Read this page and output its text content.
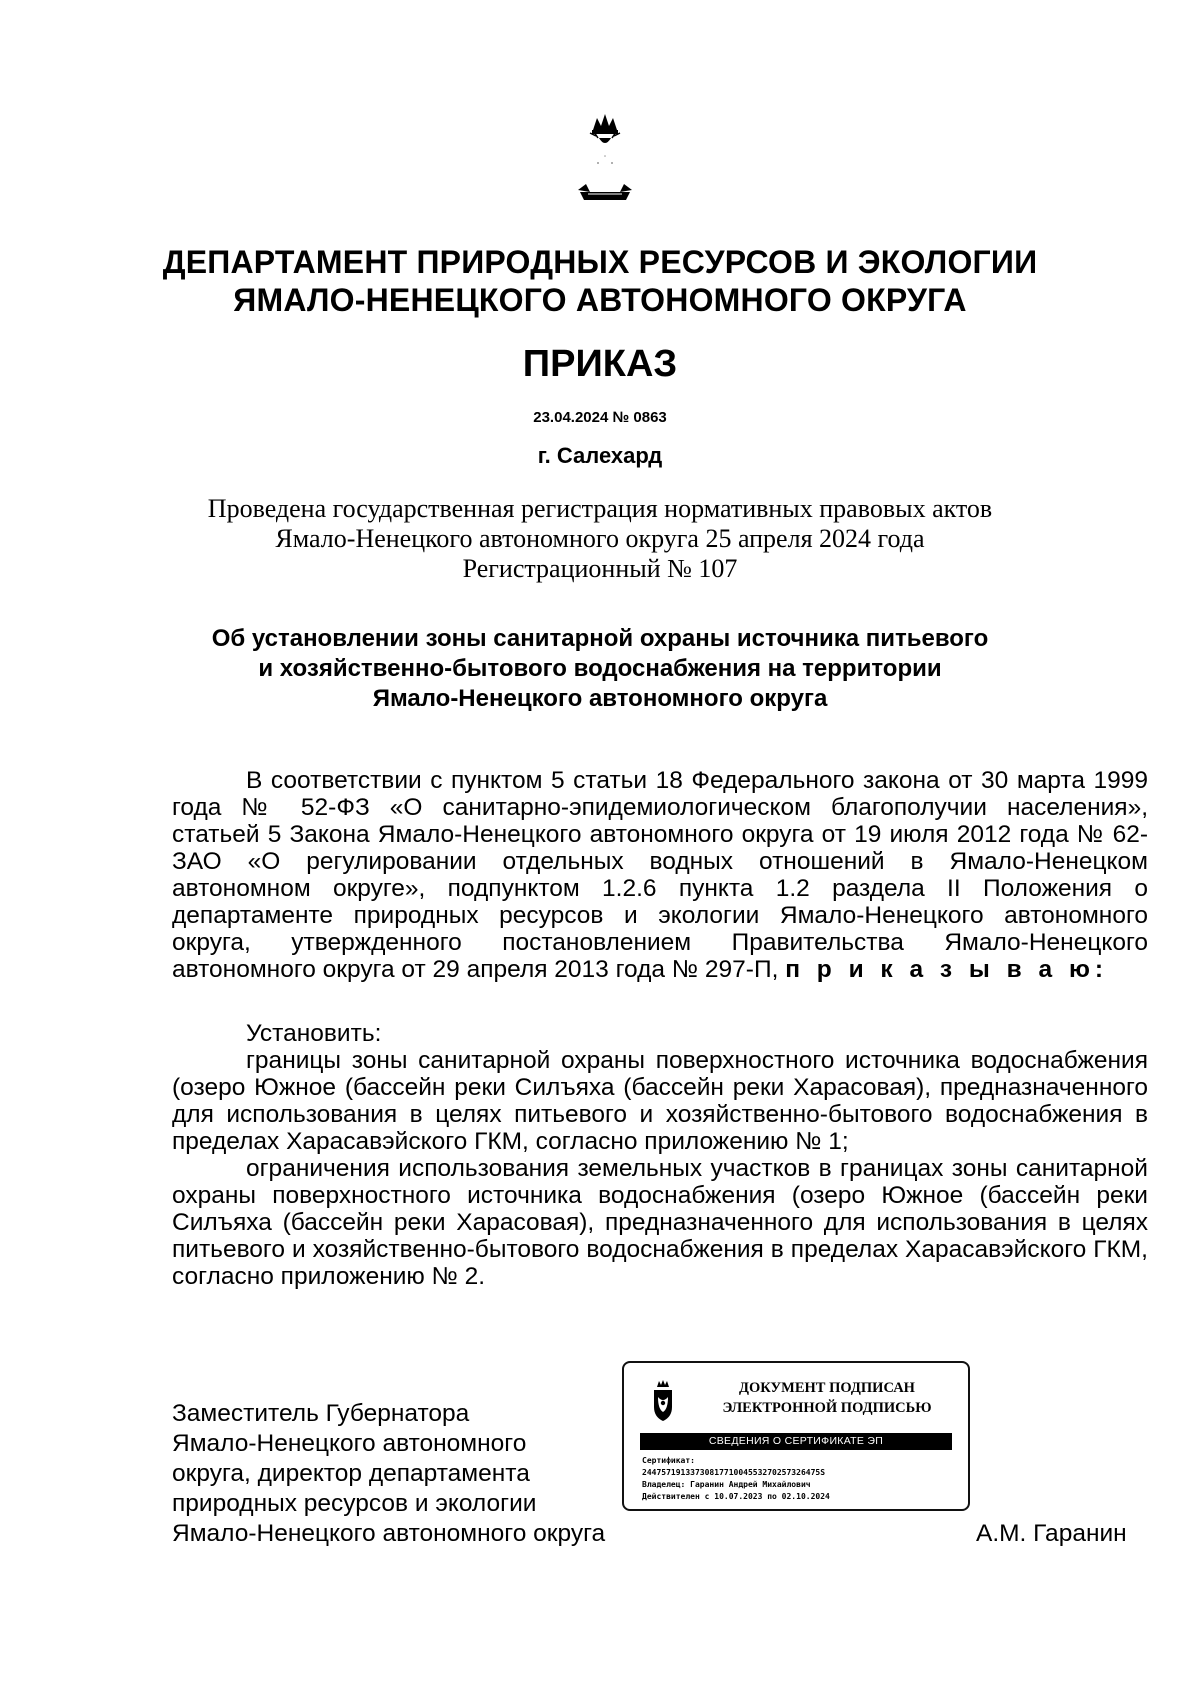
ДЕПАРТАМЕНТ ПРИРОДНЫХ РЕСУРСОВ И ЭКОЛОГИИ
ЯМАЛО-НЕНЕЦКОГО АВТОНОМНОГО ОКРУГА
ПРИКАЗ
23.04.2024 № 0863
г. Салехард
Проведена государственная регистрация нормативных правовых актов
Ямало-Ненецкого автономного округа 25 апреля 2024 года
Регистрационный № 107
Об установлении зоны санитарной охраны источника питьевого
и хозяйственно-бытового водоснабжения на территории
Ямало-Ненецкого автономного округа

В соответствии с пунктом 5 статьи 18 Федерального закона от 30 марта 1999 года № 52-ФЗ «О санитарно-эпидемиологическом благополучии населения», статьей 5 Закона Ямало-Ненецкого автономного округа от 19 июля 2012 года № 62-ЗАО «О регулировании отдельных водных отношений в Ямало-Ненецком автономном округе», подпунктом 1.2.6 пункта 1.2 раздела II Положения о департаменте природных ресурсов и экологии Ямало-Ненецкого автономного округа, утвержденного постановлением Правительства Ямало-Ненецкого автономного округа от 29 апреля 2013 года № 297-П, п р и к а з ы в а ю:

Установить:

границы зоны санитарной охраны поверхностного источника водоснабжения (озеро Южное (бассейн реки Силъяха (бассейн реки Харасовая), предназначенного для использования в целях питьевого и хозяйственно-бытового водоснабжения в пределах Харасавэйского ГКМ, согласно приложению № 1;

ограничения использования земельных участков в границах зоны санитарной охраны поверхностного источника водоснабжения (озеро Южное (бассейн реки Силъяха (бассейн реки Харасовая), предназначенного для использования в целях питьевого и хозяйственно-бытового водоснабжения в пределах Харасавэйского ГКМ, согласно приложению № 2.

Заместитель Губернатора
Ямало-Ненецкого автономного
округа, директор департамента
природных ресурсов и экологии
Ямало-Ненецкого автономного округа	А.М. Гаранин
ДОКУМЕНТ ПОДПИСАН
ЭЛЕКТРОННОЙ ПОДПИСЬЮ
СВЕДЕНИЯ О СЕРТИФИКАТЕ ЭП
Сертификат:
2447571913373081771004553270257326475S
Владелец: Гаранин Андрей Михайлович
Действителен с 10.07.2023 по 02.10.2024
